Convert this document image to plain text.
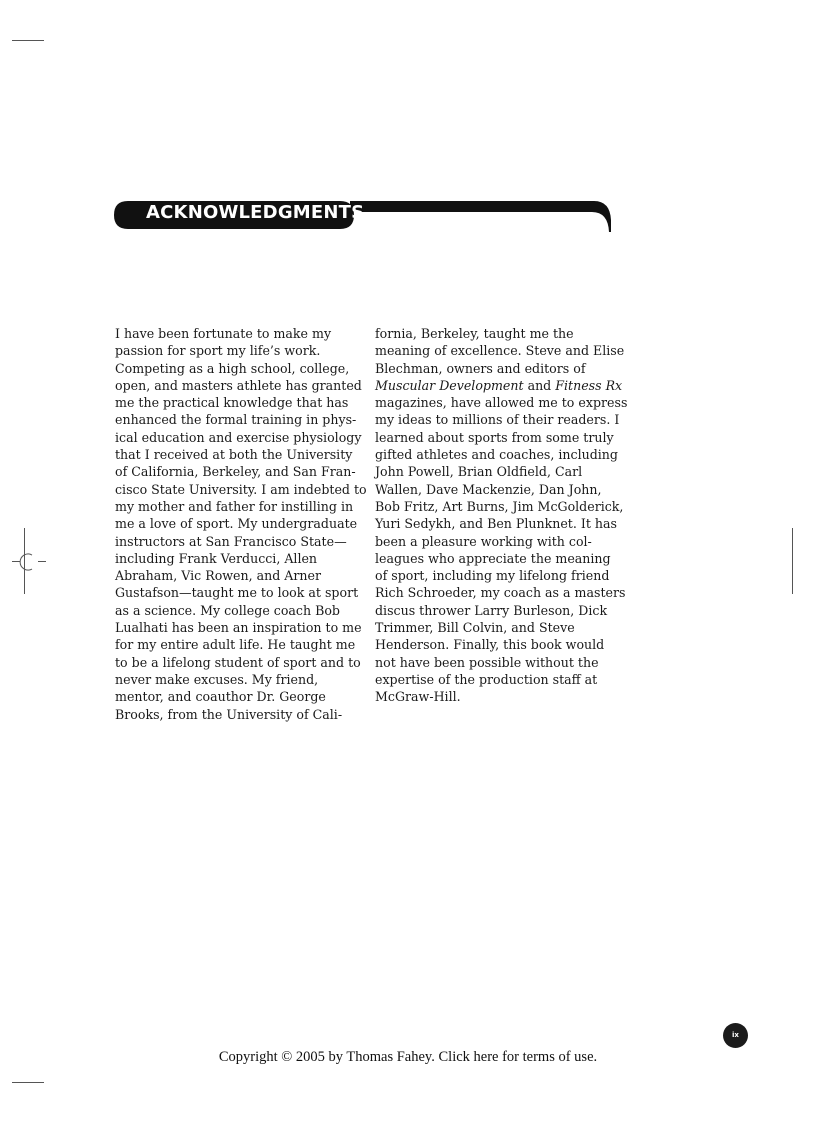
ACKNOWLEDGMENTS
I have been fortunate to make my
passion for sport my life’s work.
Competing as a high school, college,
open, and masters athlete has granted
me the practical knowledge that has
enhanced the formal training in phys-
ical education and exercise physiology
that I received at both the University
of California, Berkeley, and San Fran-
cisco State University. I am indebted to
my mother and father for instilling in
me a love of sport. My undergraduate
instructors at San Francisco State—
including Frank Verducci, Allen
Abraham, Vic Rowen, and Arner
Gustafson—taught me to look at sport
as a science. My college coach Bob
Lualhati has been an inspiration to me
for my entire adult life. He taught me
to be a lifelong student of sport and to
never make excuses. My friend,
mentor, and coauthor Dr. George
Brooks, from the University of Cali-
fornia, Berkeley, taught me the
meaning of excellence. Steve and Elise
Blechman, owners and editors of
Muscular Development and Fitness Rx
magazines, have allowed me to express
my ideas to millions of their readers. I
learned about sports from some truly
gifted athletes and coaches, including
John Powell, Brian Oldfield, Carl
Wallen, Dave Mackenzie, Dan John,
Bob Fritz, Art Burns, Jim McGolderick,
Yuri Sedykh, and Ben Plunknet. It has
been a pleasure working with col-
leagues who appreciate the meaning
of sport, including my lifelong friend
Rich Schroeder, my coach as a masters
discus thrower Larry Burleson, Dick
Trimmer, Bill Colvin, and Steve
Henderson. Finally, this book would
not have been possible without the
expertise of the production staff at
McGraw-Hill.
ix
Copyright © 2005 by Thomas Fahey. Click here for terms of use.
